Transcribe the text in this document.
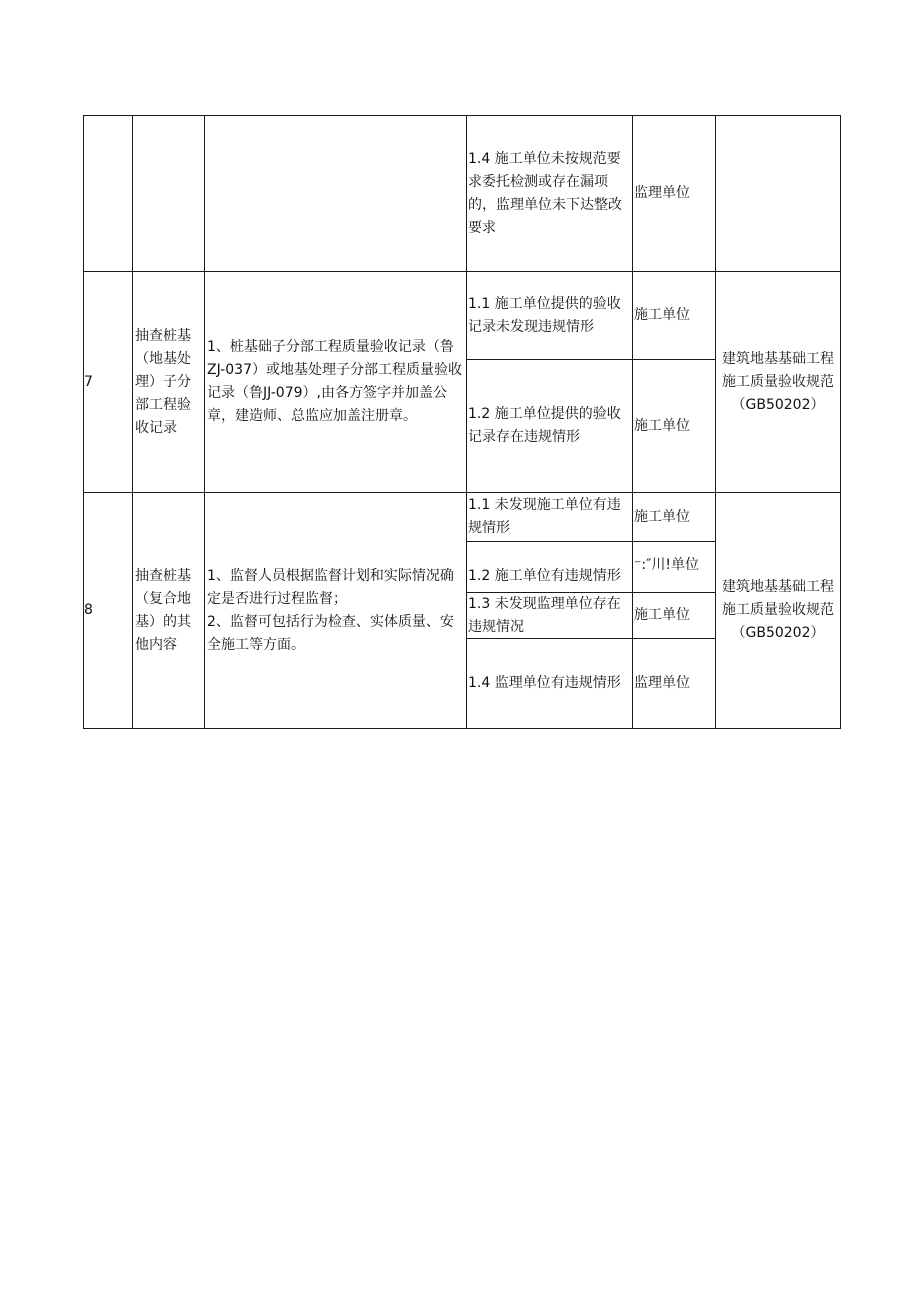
1.4 施工单位未按规范要求委托检测或存在漏项的，监理单位未下达整改要求
监理单位
7
抽查桩基（地基处理）子分部工程验收记录
1、桩基础子分部工程质量验收记录（鲁ZJ-037）或地基处理子分部工程质量验收记录（鲁JJ-079）,由各方签字并加盖公章，建造师、总监应加盖注册章。
1.1 施工单位提供的验收记录未发现违规情形
施工单位
1.2 施工单位提供的验收记录存在违规情形
施工单位
建筑地基基础工程施工质量验收规范（GB50202）
8
抽查桩基（复合地基）的其他内容
1、监督人员根据监督计划和实际情况确定是否进行过程监督；
2、监督可包括行为检查、实体质量、安全施工等方面。
1.1 未发现施工单位有违规情形
施工单位
1.2 施工单位有违规情形
⁻:″川!单位
1.3 未发现监理单位存在违规情况
施工单位
1.4 监理单位有违规情形 监理单位
建筑地基基础工程施工质量验收规范（GB50202）
